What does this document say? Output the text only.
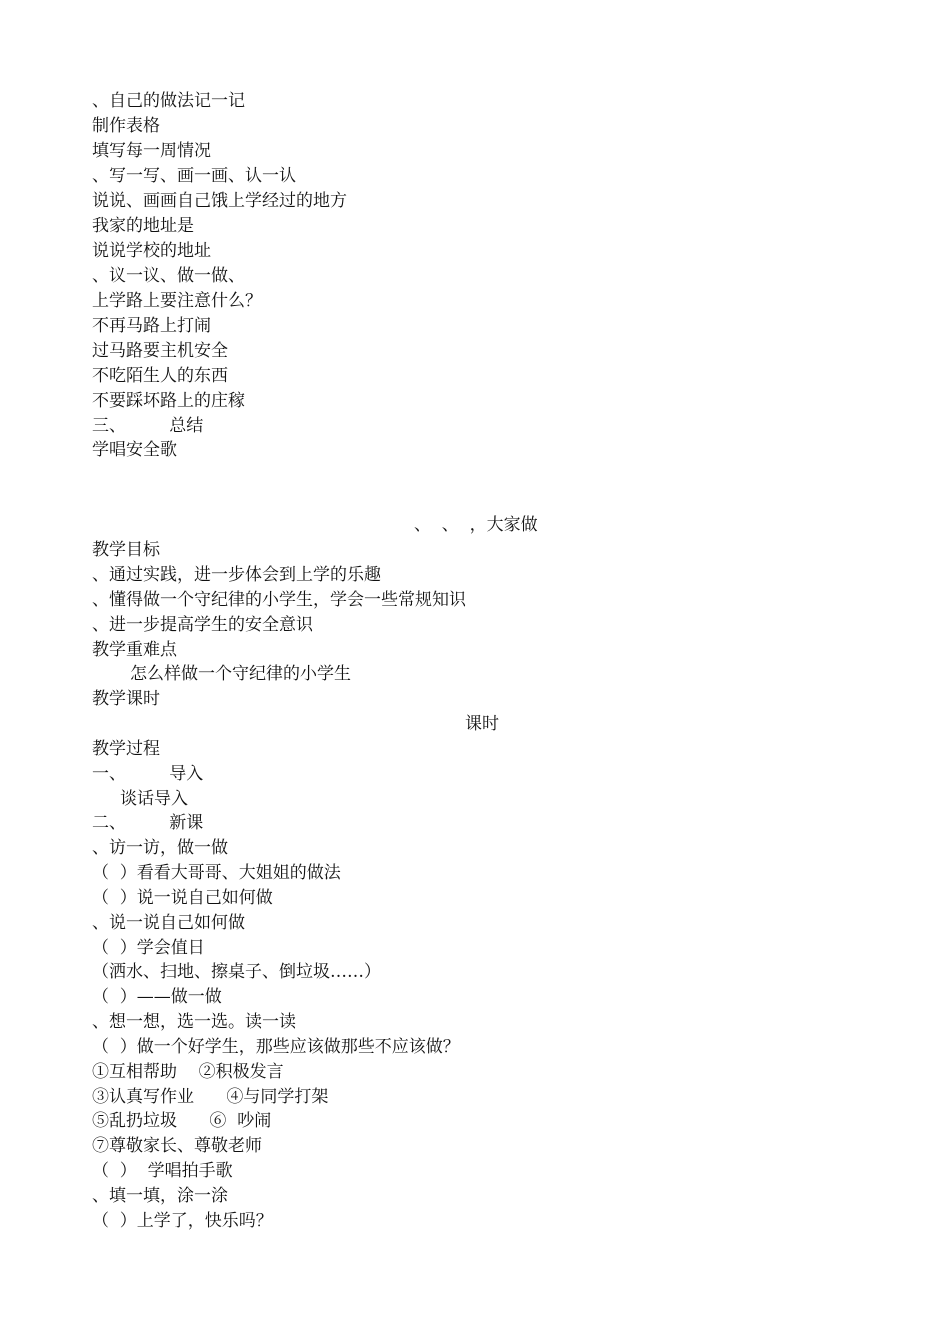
、自己的做法记一记
制作表格
填写每一周情况
、写一写、画一画、认一认
说说、画画自己饿上学经过的地方
我家的地址是
说说学校的地址
、议一议、做一做、
上学路上要注意什么？
不再马路上打闹
过马路要主机安全
不吃陌生人的东西
不要踩坏路上的庄稼
三、        总结
学唱安全歌
、  、  ，大家做
教学目标
、通过实践，进一步体会到上学的乐趣
、懂得做一个守纪律的小学生，学会一些常规知识
、进一步提高学生的安全意识
教学重难点
怎么样做一个守纪律的小学生
教学课时
课时
教学过程
一、        导入
谈话导入
二、        新课
、访一访，做一做
（  ）看看大哥哥、大姐姐的做法
（  ）说一说自己如何做
、说一说自己如何做
（  ）学会值日
（洒水、扫地、擦桌子、倒垃圾……）
（  ）——做一做
、想一想，选一选。读一读
（  ）做一个好学生，那些应该做那些不应该做？
①互相帮助    ②积极发言
③认真写作业      ④与同学打架
⑤乱扔垃圾      ⑥  吵闹
⑦尊敬家长、尊敬老师
（  ）  学唱拍手歌
、填一填，涂一涂
（  ）上学了，快乐吗？
